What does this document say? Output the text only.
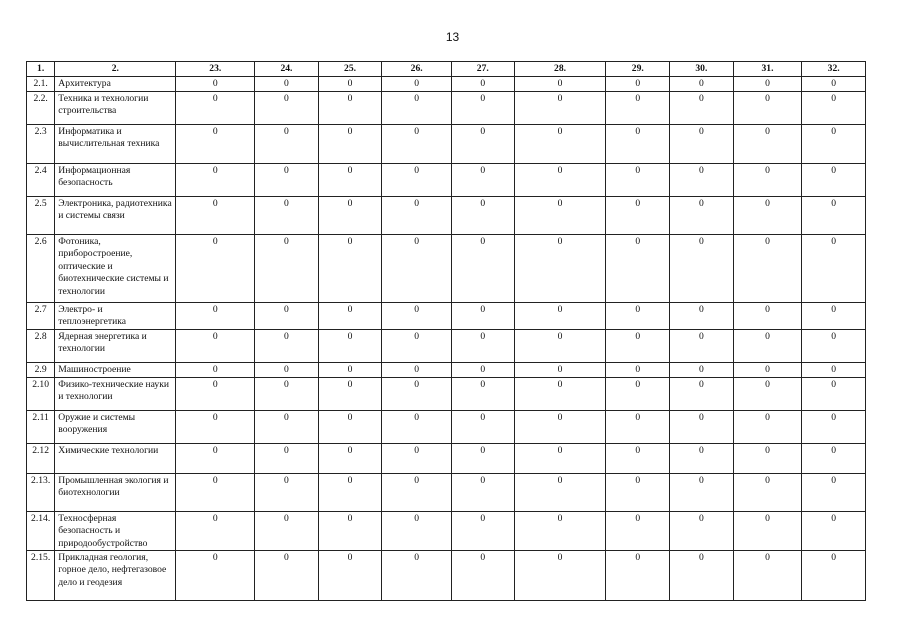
13
1.	2.	23.	24.	25.	26.	27.	28.	29.	30.	31.	32.
2.1.	Архитектура	0	0	0	0	0	0	0	0	0	0
2.2.	Техника и технологии строительства	0	0	0	0	0	0	0	0	0	0
2.3	Информатика и вычислительная техника	0	0	0	0	0	0	0	0	0	0
2.4	Информационная безопасность	0	0	0	0	0	0	0	0	0	0
2.5	Электроника, радиотехника и системы связи	0	0	0	0	0	0	0	0	0	0
2.6	Фотоника, приборостроение, оптические и биотехнические системы и технологии	0	0	0	0	0	0	0	0	0	0
2.7	Электро- и теплоэнергетика	0	0	0	0	0	0	0	0	0	0
2.8	Ядерная энергетика и технологии	0	0	0	0	0	0	0	0	0	0
2.9	Машиностроение	0	0	0	0	0	0	0	0	0	0
2.10	Физико-технические науки и технологии	0	0	0	0	0	0	0	0	0	0
2.11	Оружие и системы вооружения	0	0	0	0	0	0	0	0	0	0
2.12	Химические технологии	0	0	0	0	0	0	0	0	0	0
2.13.	Промышленная экология и биотехнологии	0	0	0	0	0	0	0	0	0	0
2.14.	Техносферная безопасность и природообустройство	0	0	0	0	0	0	0	0	0	0
2.15.	Прикладная геология, горное дело, нефтегазовое дело и геодезия	0	0	0	0	0	0	0	0	0	0
